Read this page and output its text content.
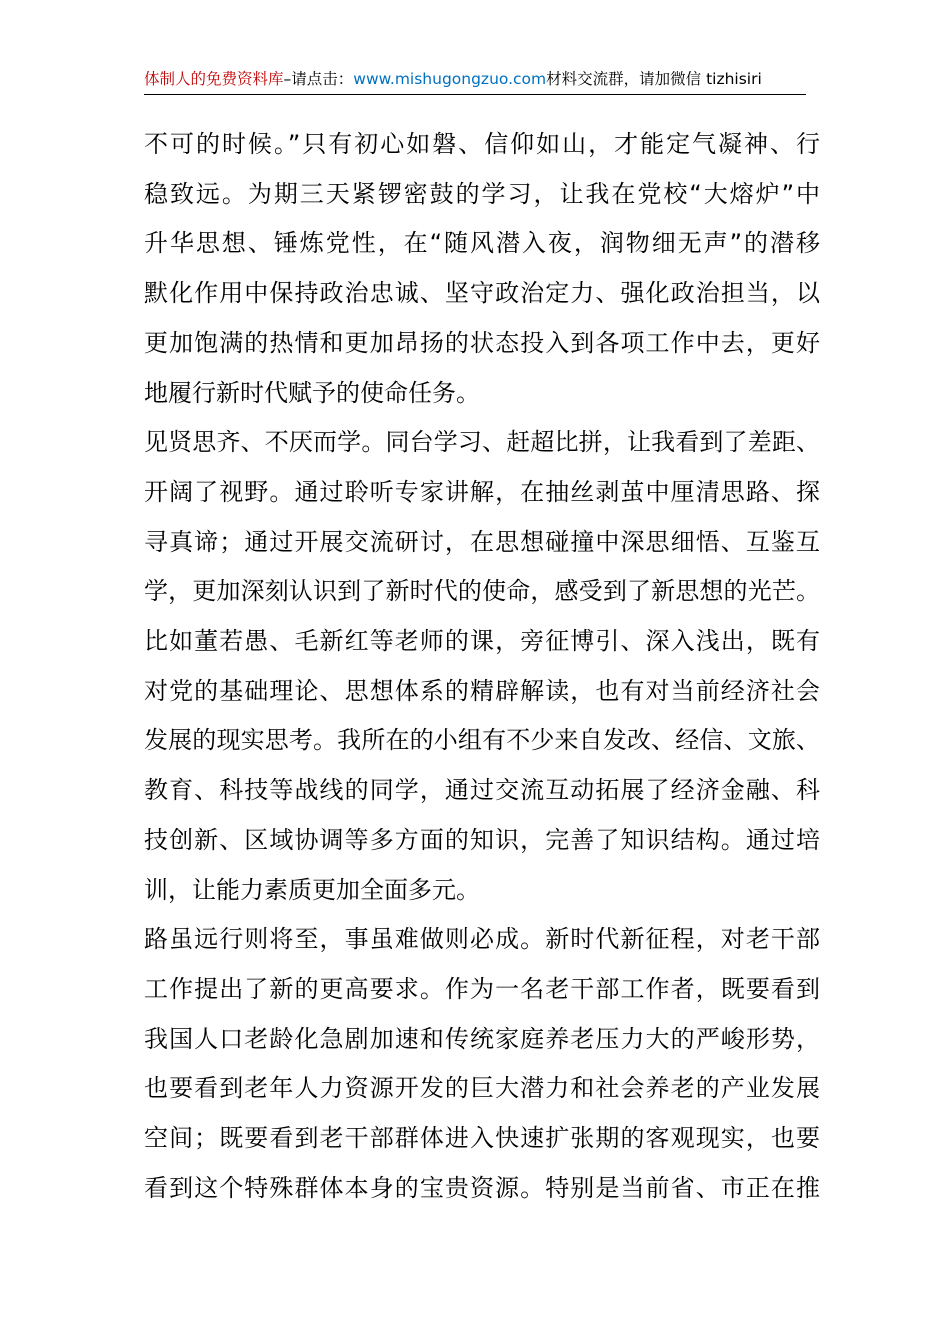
体制人的免费资料库–请点击：www.mishugongzuo.com材料交流群，请加微信 tizhisiri
不可的时候。”只有初心如磐、信仰如山，才能定气凝神、行
稳致远。为期三天紧锣密鼓的学习，让我在党校“大熔炉”中
升华思想、锤炼党性，在“随风潜入夜，润物细无声”的潜移
默化作用中保持政治忠诚、坚守政治定力、强化政治担当，以
更加饱满的热情和更加昂扬的状态投入到各项工作中去，更好
地履行新时代赋予的使命任务。
见贤思齐、不厌而学。同台学习、赶超比拼，让我看到了差距、
开阔了视野。通过聆听专家讲解，在抽丝剥茧中厘清思路、探
寻真谛；通过开展交流研讨，在思想碰撞中深思细悟、互鉴互
学，更加深刻认识到了新时代的使命，感受到了新思想的光芒。
比如董若愚、毛新红等老师的课，旁征博引、深入浅出，既有
对党的基础理论、思想体系的精辟解读，也有对当前经济社会
发展的现实思考。我所在的小组有不少来自发改、经信、文旅、
教育、科技等战线的同学，通过交流互动拓展了经济金融、科
技创新、区域协调等多方面的知识，完善了知识结构。通过培
训，让能力素质更加全面多元。
路虽远行则将至，事虽难做则必成。新时代新征程，对老干部
工作提出了新的更高要求。作为一名老干部工作者，既要看到
我国人口老龄化急剧加速和传统家庭养老压力大的严峻形势，
也要看到老年人力资源开发的巨大潜力和社会养老的产业发展
空间；既要看到老干部群体进入快速扩张期的客观现实，也要
看到这个特殊群体本身的宝贵资源。特别是当前省、市正在推
